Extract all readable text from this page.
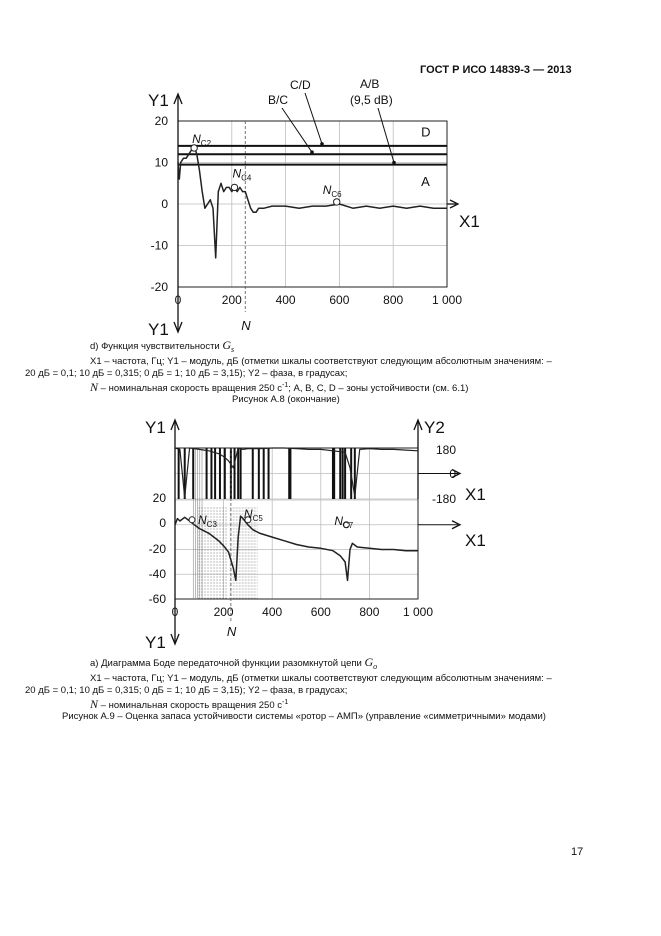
ГОСТ Р ИСО 14839-3 — 2013
Y1
Y1
X1
20
10
0
-10
-20
0	200	400	600	800 1 000
N
A/B
(9,5 dB)
B/C
C/D
D
A
$N_{C2}$
$N_{C4}$
$N_{C6}$
Y1
Y1
Y2
X1
X1
180
0
-180
20
0
-20
-40
-60
0	200 400 600 800 1 000
N
$N_{C3}$
$N_{C5}$	$N_{C7}$
d) Функция чувствительности $G_s$
X1 – частота, Гц; Y1 – модуль, дБ (отметки шкалы соответствуют следующим абсолютным значениям: –
20 дБ = 0,1; 10 дБ = 0,315; 0 дБ = 1; 10 дБ = 3,15); Y2 – фаза, в градусах;
N – номинальная скорость вращения 250 $с^{-1}$; A, B, C, D – зоны устойчивости (см. 6.1)
Рисунок А.8 (окончание)
a) Диаграмма Боде передаточной функции разомкнутой цепи $G_o$
X1 – частота, Гц; Y1 – модуль, дБ (отметки шкалы соответствуют следующим абсолютным значениям: –
20 дБ = 0,1; 10 дБ = 0,315; 0 дБ = 1; 10 дБ = 3,15); Y2 – фаза, в градусах;
N – номинальная скорость вращения 250 $с^{-1}$
Рисунок А.9 – Оценка запаса устойчивости системы «ротор – АМП» (управление «симметричными» модами)
17
